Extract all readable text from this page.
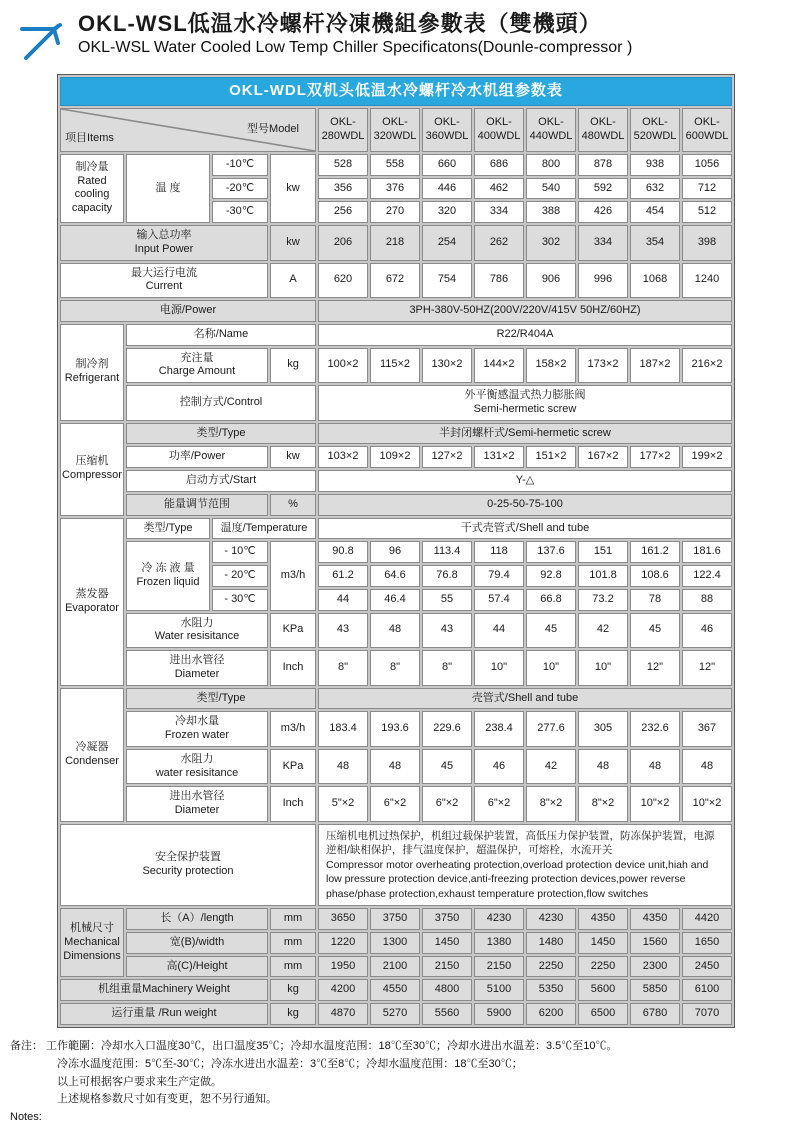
OKL-WSL低温水冷螺杆冷凍機組參數表（雙機頭）
OKL-WSL Water Cooled Low Temp Chiller Specificatons(Dounle-compressor )
OKL-WDL双机头低温水冷螺杆冷水机组参数表											

项目Items
型号Model				OKL-280WDL	OKL-320WDL	OKL-360WDL	OKL-400WDL	OKL-440WDL	OKL-480WDL	OKL-520WDL	OKL-600WDL

制冷量
Rated cooling capacity	温 度	-10℃	kw	528	558	660	686	800	878	938	1056
		-20℃		356	376	446	462	540	592	632	712
		-30℃		256	270	320	334	388	426	454	512

输入总功率
Input Power			kw	206	218	254	262	302	334	354	398

最大运行电流
Current			A	620	672	754	786	906	996	1068	1240
电源/Power				3PH-380V-50HZ(200V/220V/415V 50HZ/60HZ)							

制冷剂
Refrigerant	名称/Name			R22/R404A							

	充注量
Charge Amount		kg	100×2	115×2	130×2	144×2	158×2	173×2	187×2	216×2
	控制方式/Control			外平衡感温式热力膨胀阀
Semi-hermetic screw							

压缩机
Compressor	类型/Type			半封闭螺杆式/Semi-hermetic screw							
	功率/Power		kw	103×2	109×2	127×2	131×2	151×2	167×2	177×2	199×2
	启动方式/Start			Y-△							
	能量调节范围		%	0-25-50-75-100							

蒸发器
Evaporator	类型/Type	温度/Temperature		干式壳管式/Shell and tube							

	冷 冻 液 量
Frozen liquid	- 10℃	m3/h	90.8	96	113.4	118	137.6	151	161.2	181.6
		- 20℃		61.2	64.6	76.8	79.4	92.8	101.8	108.6	122.4
		- 30℃		44	46.4	55	57.4	66.8	73.2	78	88

	水阻力
Water resisitance		KPa	43	48	43	44	45	42	45	46

	进出水管径
Diameter		Inch	8"	8"	8"	10"	10"	10"	12"	12"

冷凝器
Condenser	类型/Type			壳管式/Shell and tube							

	冷却水量
Frozen water		m3/h	183.4	193.6	229.6	238.4	277.6	305	232.6	367

	水阻力
water resisitance		KPa	48	48	45	46	42	48	48	48

	进出水管径
Diameter		Inch	5"×2	6"×2	6"×2	6"×2	8"×2	8"×2	10"×2	10"×2

安全保护装置
Security protection

压缩机电机过热保护，机组过载保护装置，高低压力保护装置，防冻保护装置，电源逆相/缺相保护，排气温度保护，超温保护，可熔栓，水流开关
Compressor motor overheating protection,overload protection device unit,hiah and low pressure protection device,anti-freezing protection devices,power reverse phase/phase protection,exhaust temperature protection,flow switches

机械尺寸
Mechanical Dimensions	长（A）/length		mm	3650	3750	3750	4230	4230	4350	4350	4420
	宽(B)/width		mm	1220	1300	1450	1380	1480	1450	1560	1650
	高(C)/Height		mm	1950	2100	2150	2150	2250	2250	2300	2450
机组重量Machinery Weight			kg	4200	4550	4800	5100	5350	5600	5850	6100
运行重量 /Run weight			kg	4870	5270	5560	5900	6200	6500	6780	7070
备注： 工作範圍：冷却水入口温度30℃，出口温度35℃；冷却水温度范围：18℃至30℃；冷却水进出水温差：3.5℃至10℃。
冷冻水温度范围：5℃至-30℃；冷冻水进出水温差：3℃至8℃；冷却水温度范围：18℃至30℃；
以上可根据客户要求来生产定做。
上述规格参数尺寸如有变更，恕不另行通知。
Notes:
